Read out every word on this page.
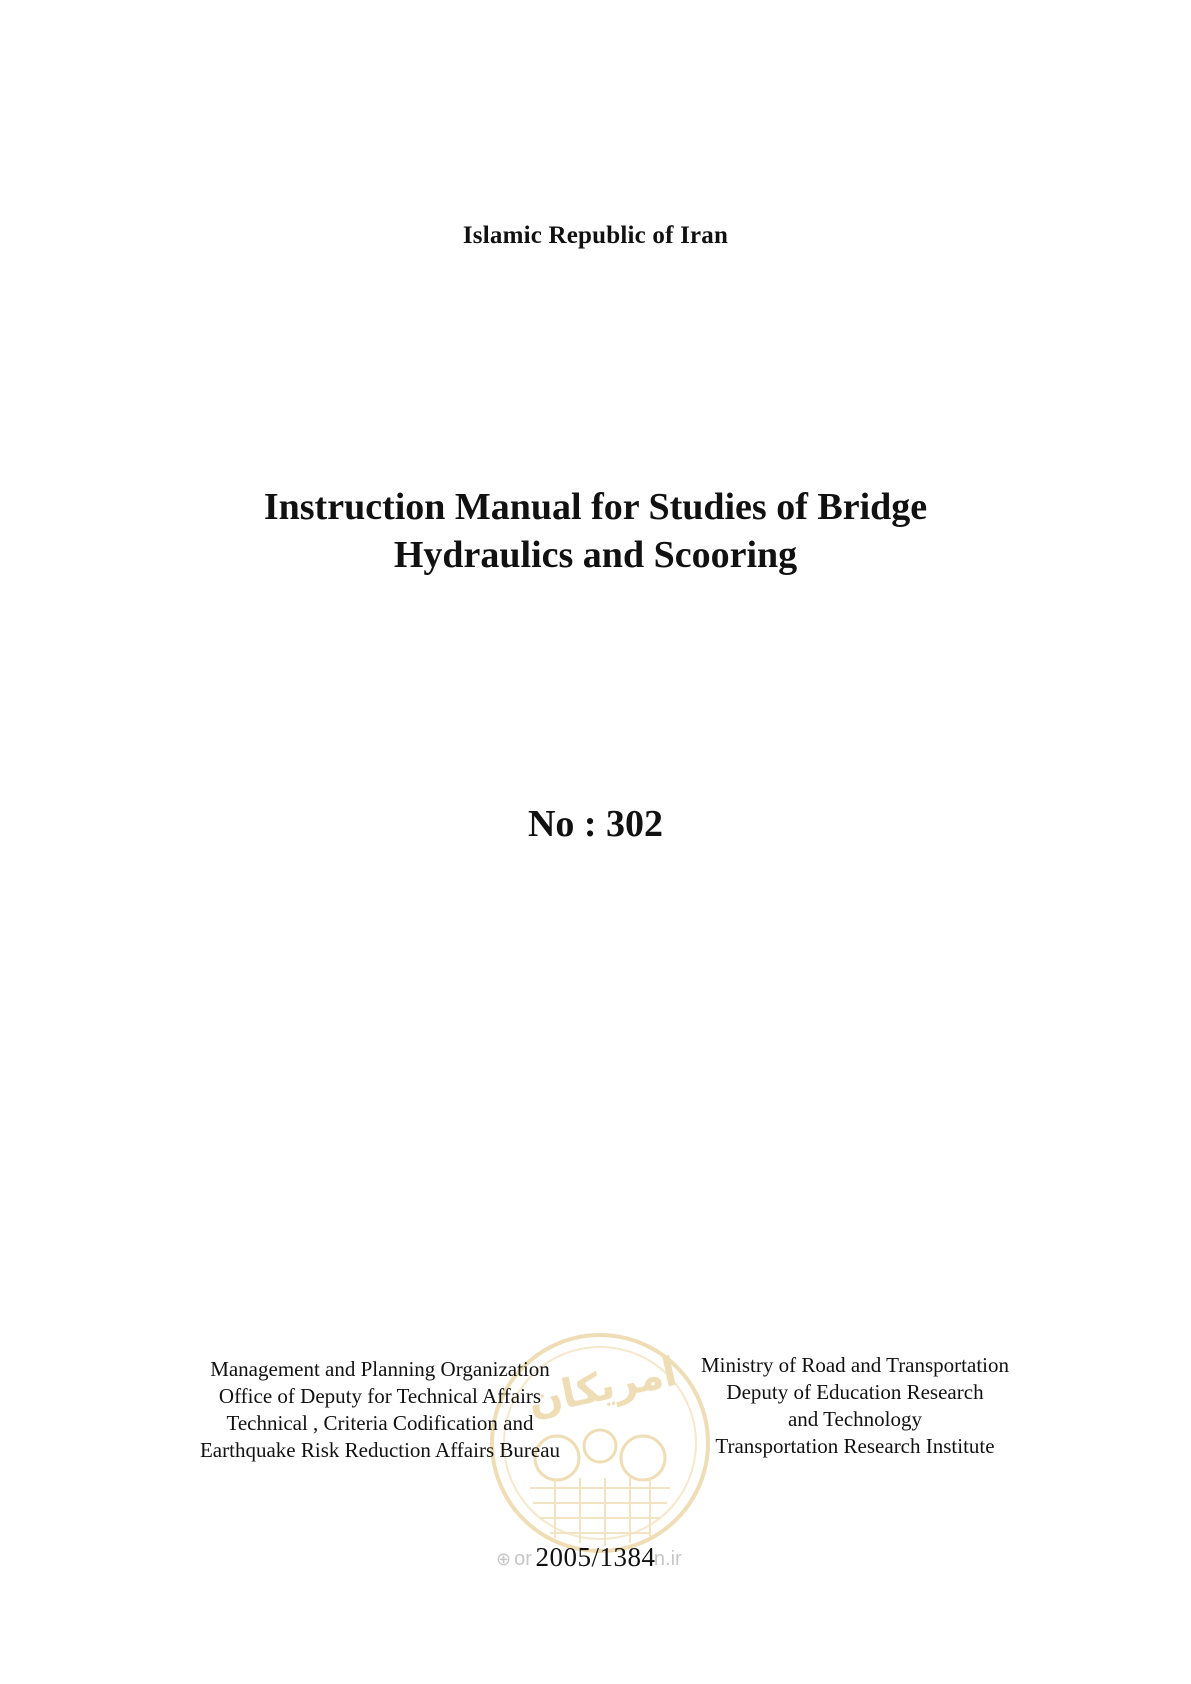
Islamic Republic of Iran
Instruction Manual for Studies of Bridge
Hydraulics and Scooring
No : 302
امریکان
Management and Planning Organization
Office of Deputy for Technical Affairs
Technical , Criteria Codification and
Earthquake Risk Reduction Affairs Bureau
Ministry of Road and Transportation
Deputy of Education Research
and Technology
Transportation Research Institute
⊕ or	n.ir
2005/1384
